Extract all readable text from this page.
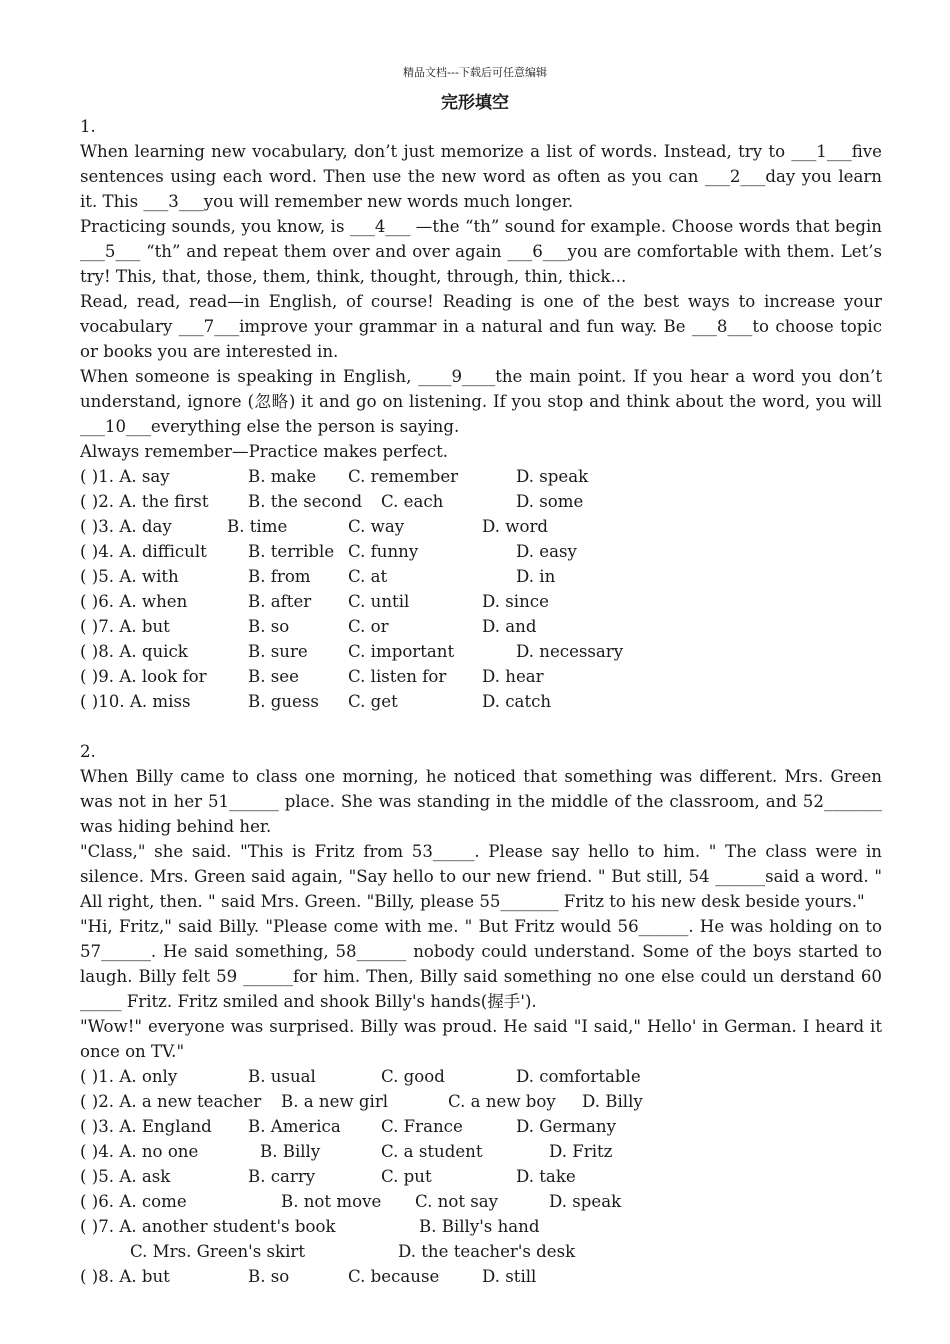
精品文档---下载后可任意编辑
完形填空
1.
When learning new vocabulary, don’t just memorize a list of words. Instead, try to ___1___five sentences using each word. Then use the new word as often as you can ___2___day you learn it. This ___3___you will remember new words much longer.
Practicing sounds, you know, is ___4___ —the “th” sound for example. Choose words that begin ___5___ “th” and repeat them over and over again ___6___you are comfortable with them. Let’s try! This, that, those, them, think, thought, through, thin, thick...
Read, read, read—in English, of course! Reading is one of the best ways to increase your vocabulary ___7___improve your grammar in a natural and fun way. Be ___8___to choose topic or books you are interested in.
When someone is speaking in English, ____9____the main point. If you hear a word you don’t understand, ignore (忽略) it and go on listening. If you stop and think about the word, you will ___10___everything else the person is saying.
Always remember—Practice makes perfect.
( )1. A. say	B. make C. remember	D. speak
( )2. A. the first B. the second C. each	D. some
( )3. A. day	B. time	C. way	D. word
( )4. A. difficult B. terrible C. funny	D. easy
( )5. A. with	B. from C. at	D. in
( )6. A. when	B. after C. until	D. since
( )7. A. but	B. so	C. or	D. and
( )8. A. quick	B. sure C. important	D. necessary
( )9. A. look for B. see	C. listen for D. hear
( )10. A. miss	B. guess C. get	D. catch
2.
When Billy came to class one morning, he noticed that something was different. Mrs. Green was not in her 51______ place. She was standing in the middle of the classroom, and 52_______ was hiding behind her.
"Class," she said. "This is Fritz from 53_____. Please say hello to him. " The class were in silence. Mrs. Green said again, "Say hello to our new friend. " But still, 54 ______said a word. " All right, then. " said Mrs. Green. "Billy, please 55_______ Fritz to his new desk beside yours."
"Hi, Fritz," said Billy. "Please come with me. " But Fritz would 56______. He was holding on to 57______. He said something, 58______ nobody could understand. Some of the boys started to laugh. Billy felt 59 ______for him. Then, Billy said something no one else could un derstand 60 _____ Fritz. Fritz smiled and shook Billy's hands(握手').
"Wow!" everyone was surprised. Billy was proud. He said "I said," Hello' in German. I heard it once on TV."
( )1. A. only	B. usual	C. good	D. comfortable
( )2. A. a new teacher B. a new girl	C. a new boy D. Billy
( )3. A. England B. America C. France	D. Germany
( )4. A. no one	B. Billy	C. a student	D. Fritz
( )5. A. ask	B. carry	C. put	D. take
( )6. A. come	B. not move C. not say	D. speak
( )7. A. another student's book	B. Billy's hand
C. Mrs. Green's skirt	D. the teacher's desk
( )8. A. but	B. so	C. because	D. still
